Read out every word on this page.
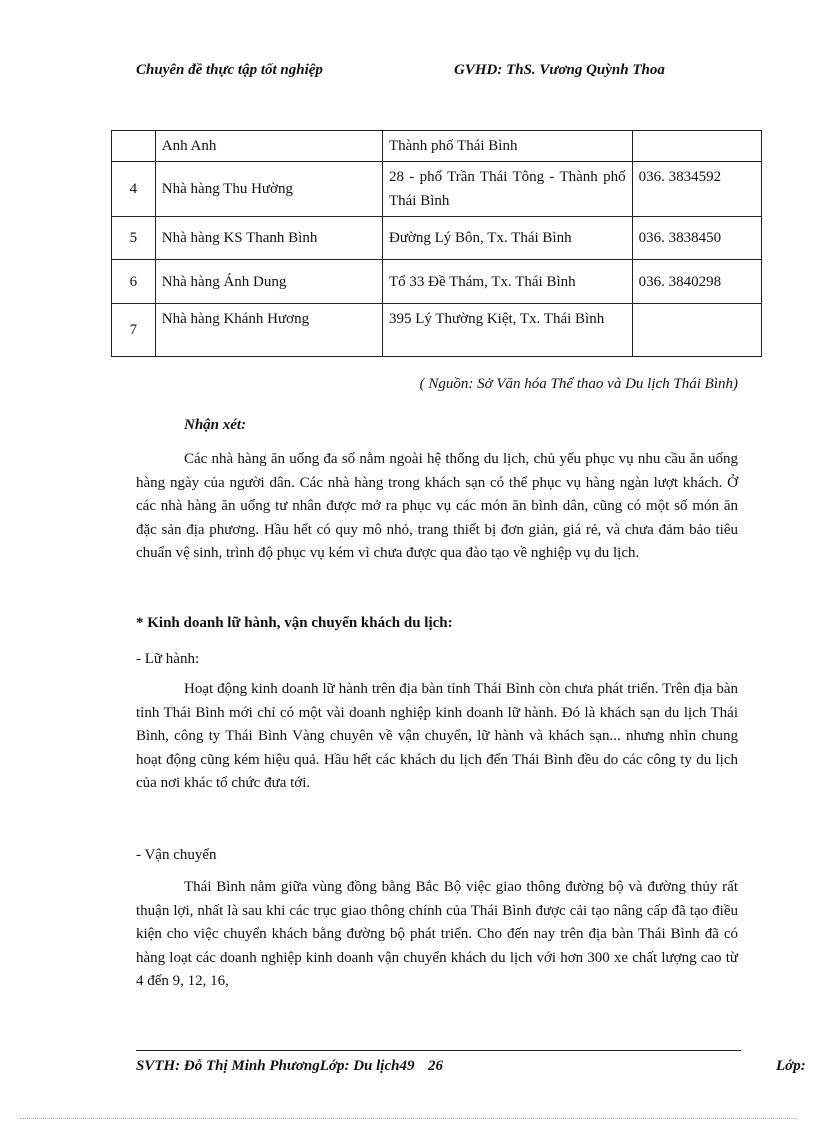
Chuyên đề thực tập tốt nghiệp	GVHD: ThS. Vương Quỳnh Thoa
	Anh Anh	Thành phố Thái Bình	
4	Nhà hàng Thu Hường	28 - phố Trần Thái Tông - Thành phố Thái Bình	036. 3834592
5	Nhà hàng KS Thanh Bình	Đường Lý Bôn, Tx. Thái Bình	036. 3838450
6	Nhà hàng Ánh Dung	Tổ 33 Đề Thám, Tx. Thái Bình	036. 3840298
7	Nhà hàng Khánh Hương	395 Lý Thường Kiệt, Tx. Thái Bình	
( Nguồn: Sở Văn hóa Thể thao và Du lịch Thái Bình)
Nhận xét:
Các nhà hàng ăn uống đa số nằm ngoài hệ thống du lịch, chủ yếu phục vụ nhu cầu ăn uống hàng ngày của người dân. Các nhà hàng trong khách sạn có thể phục vụ hàng ngàn lượt khách. Ở các nhà hàng ăn uống tư nhân được mở ra phục vụ các món ăn bình dân, cũng có một số món ăn đặc sản địa phương. Hầu hết có quy mô nhỏ, trang thiết bị đơn giản, giá rẻ, và chưa đảm bảo tiêu chuẩn vệ sinh, trình độ phục vụ kém vì chưa được qua đào tạo về nghiệp vụ du lịch.
* Kinh doanh lữ hành, vận chuyển khách du lịch:
- Lữ hành:
Hoạt động kinh doanh lữ hành trên địa bàn tỉnh Thái Bình còn chưa phát triển. Trên địa bàn tỉnh Thái Bình mới chỉ có một vài doanh nghiệp kinh doanh lữ hành. Đó là khách sạn du lịch Thái Bình, công ty Thái Bình Vàng chuyên về vận chuyển, lữ hành và khách sạn... nhưng nhìn chung hoạt động cũng kém hiệu quả. Hầu hết các khách du lịch đến Thái Bình đều do các công ty du lịch của nơi khác tổ chức đưa tới.
- Vận chuyển
Thái Bình nằm giữa vùng đồng bằng Bắc Bộ việc giao thông đường bộ và đường thủy rất thuận lợi, nhất là sau khi các trục giao thông chính của Thái Bình được cải tạo nâng cấp đã tạo điều kiện cho việc chuyển khách bằng đường bộ phát triển. Cho đến nay trên địa bàn Thái Bình đã có hàng loạt các doanh nghiệp kinh doanh vận chuyển khách du lịch với hơn 300 xe chất lượng cao từ 4 đến 9, 12, 16,
SVTH: Đỗ Thị Minh PhươngLớp: Du lịch49 26	Lớp:
